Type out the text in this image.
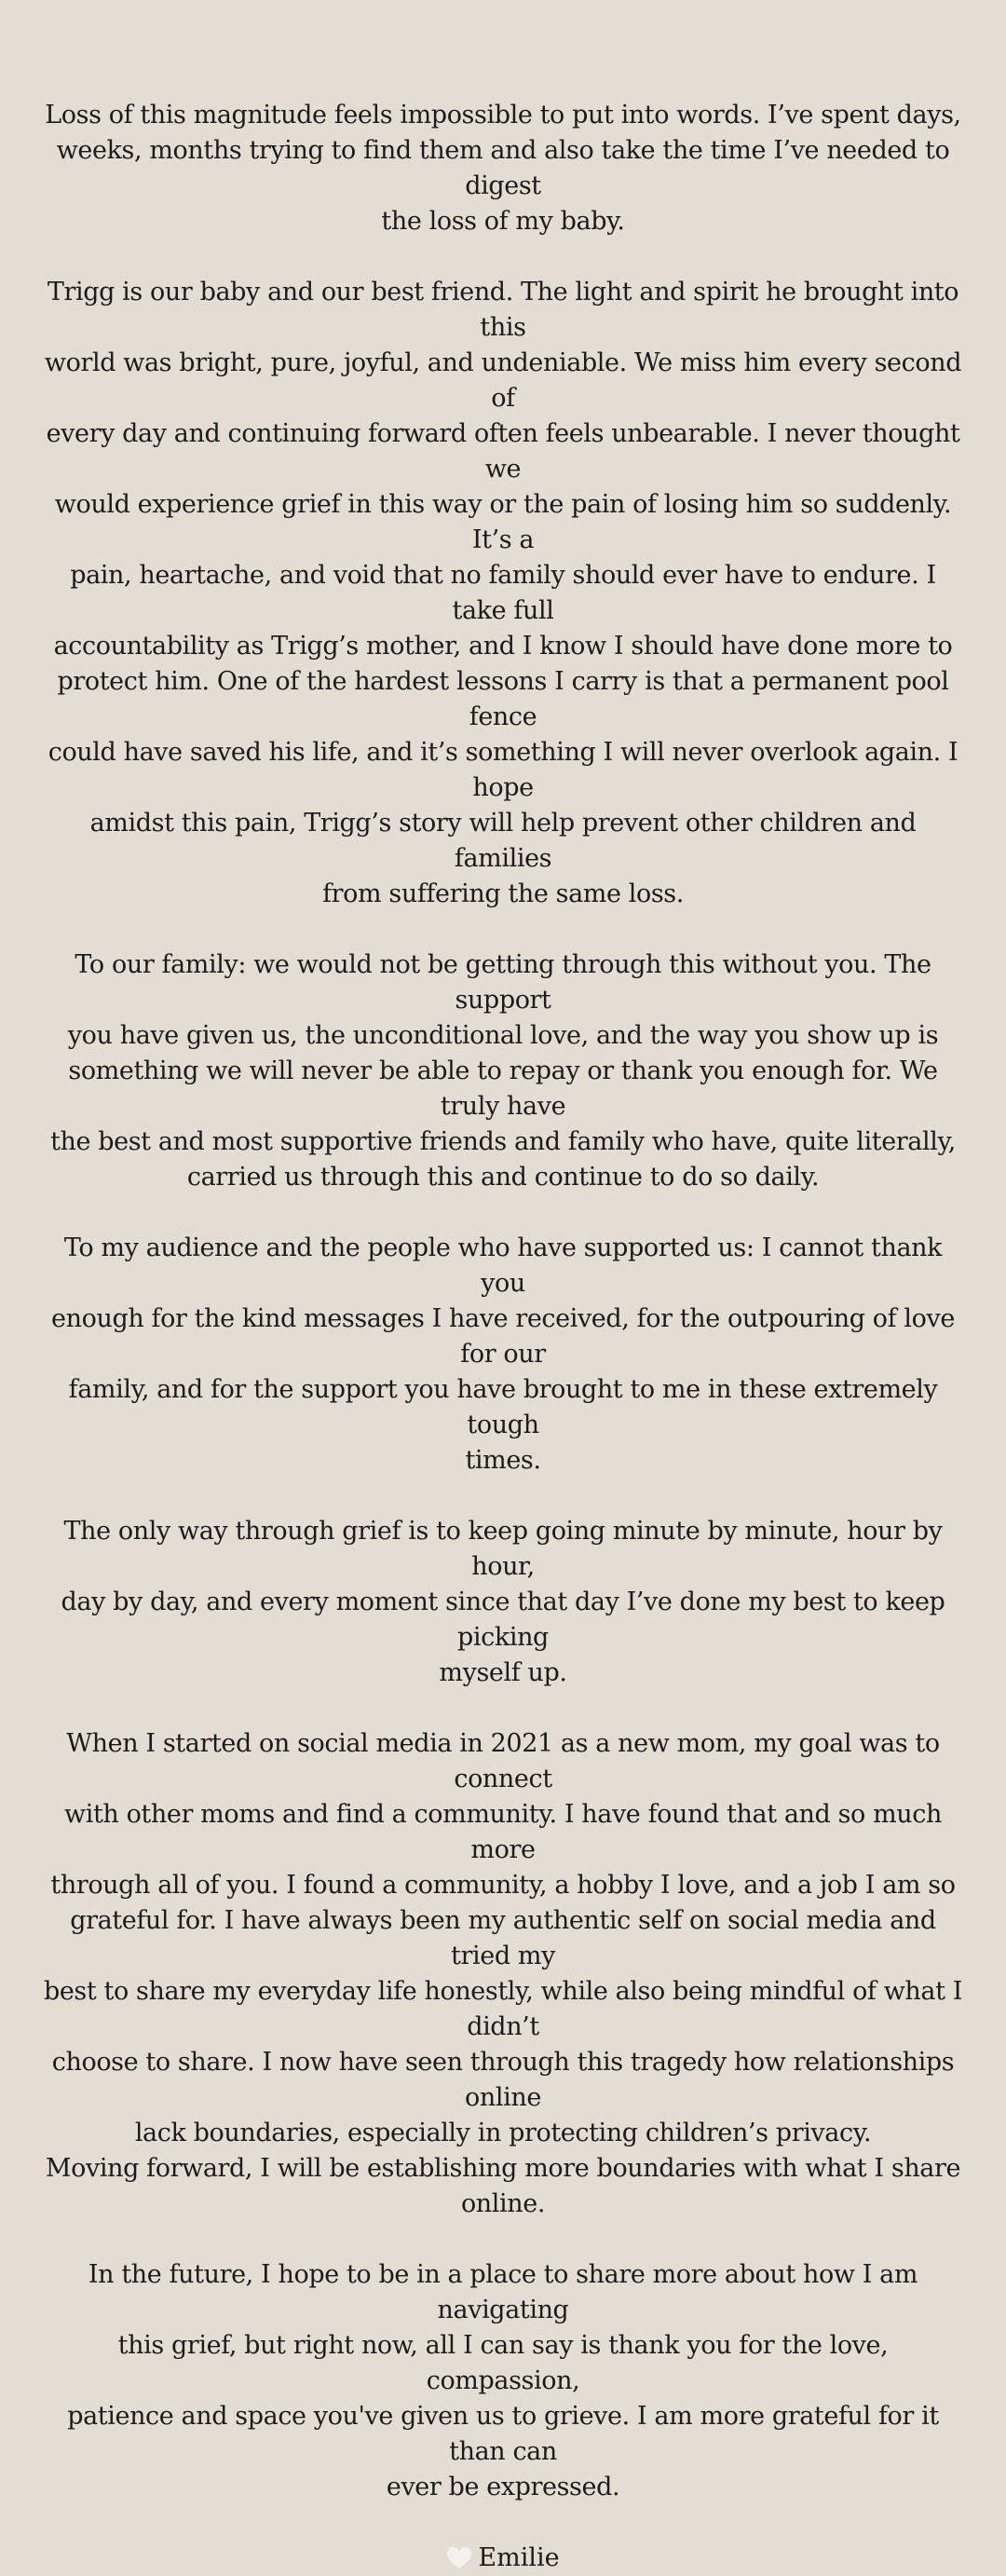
Loss of this magnitude feels impossible to put into words. I’ve spent days,
weeks, months trying to find them and also take the time I’ve needed to digest
the loss of my baby.

Trigg is our baby and our best friend. The light and spirit he brought into this
world was bright, pure, joyful, and undeniable. We miss him every second of
every day and continuing forward often feels unbearable. I never thought we
would experience grief in this way or the pain of losing him so suddenly. It’s a
pain, heartache, and void that no family should ever have to endure. I take full
accountability as Trigg’s mother, and I know I should have done more to
protect him. One of the hardest lessons I carry is that a permanent pool fence
could have saved his life, and it’s something I will never overlook again. I hope
amidst this pain, Trigg’s story will help prevent other children and families
from suffering the same loss.

To our family: we would not be getting through this without you. The support
you have given us, the unconditional love, and the way you show up is
something we will never be able to repay or thank you enough for. We truly have
the best and most supportive friends and family who have, quite literally,
carried us through this and continue to do so daily.

To my audience and the people who have supported us: I cannot thank you
enough for the kind messages I have received, for the outpouring of love for our
family, and for the support you have brought to me in these extremely tough
times.

The only way through grief is to keep going minute by minute, hour by hour,
day by day, and every moment since that day I’ve done my best to keep picking
myself up.

When I started on social media in 2021 as a new mom, my goal was to connect
with other moms and find a community. I have found that and so much more
through all of you. I found a community, a hobby I love, and a job I am so
grateful for. I have always been my authentic self on social media and tried my
best to share my everyday life honestly, while also being mindful of what I didn’t
choose to share. I now have seen through this tragedy how relationships online
lack boundaries, especially in protecting children’s privacy.
Moving forward, I will be establishing more boundaries with what I share
online.

In the future, I hope to be in a place to share more about how I am navigating
this grief, but right now, all I can say is thank you for the love, compassion,
patience and space you've given us to grieve. I am more grateful for it than can
ever be expressed.

Emilie
